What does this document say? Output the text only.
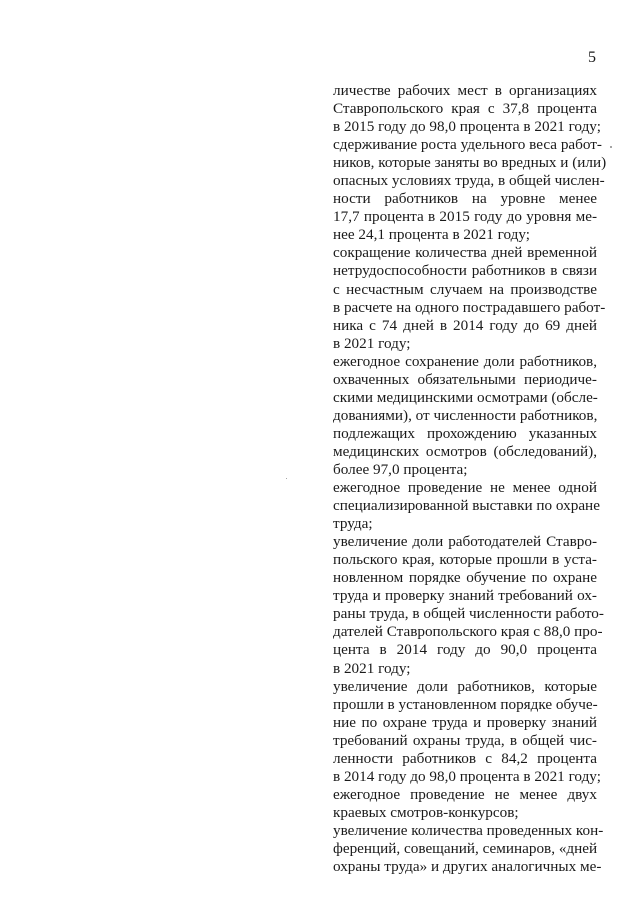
5
личестве рабочих мест в организациях
Ставропольского края с 37,8 процента
в 2015 году до 98,0 процента в 2021 году;
сдерживание роста удельного веса работ-
ников, которые заняты во вредных и (или)
опасных условиях труда, в общей числен-
ности работников на уровне менее
17,7 процента в 2015 году до уровня ме-
нее 24,1 процента в 2021 году;
сокращение количества дней временной
нетрудоспособности работников в связи
с несчастным случаем на производстве
в расчете на одного пострадавшего работ-
ника с 74 дней в 2014 году до 69 дней
в 2021 году;
ежегодное сохранение доли работников,
охваченных обязательными периодиче-
скими медицинскими осмотрами (обсле-
дованиями), от численности работников,
подлежащих прохождению указанных
медицинских осмотров (обследований),
более 97,0 процента;
ежегодное проведение не менее одной
специализированной выставки по охране
труда;
увеличение доли работодателей Ставро-
польского края, которые прошли в уста-
новленном порядке обучение по охране
труда и проверку знаний требований ох-
раны труда, в общей численности работо-
дателей Ставропольского края с 88,0 про-
цента в 2014 году до 90,0 процента
в 2021 году;
увеличение доли работников, которые
прошли в установленном порядке обуче-
ние по охране труда и проверку знаний
требований охраны труда, в общей чис-
ленности работников с 84,2 процента
в 2014 году до 98,0 процента в 2021 году;
ежегодное проведение не менее двух
краевых смотров-конкурсов;
увеличение количества проведенных кон-
ференций, совещаний, семинаров, «дней
охраны труда» и других аналогичных ме-
